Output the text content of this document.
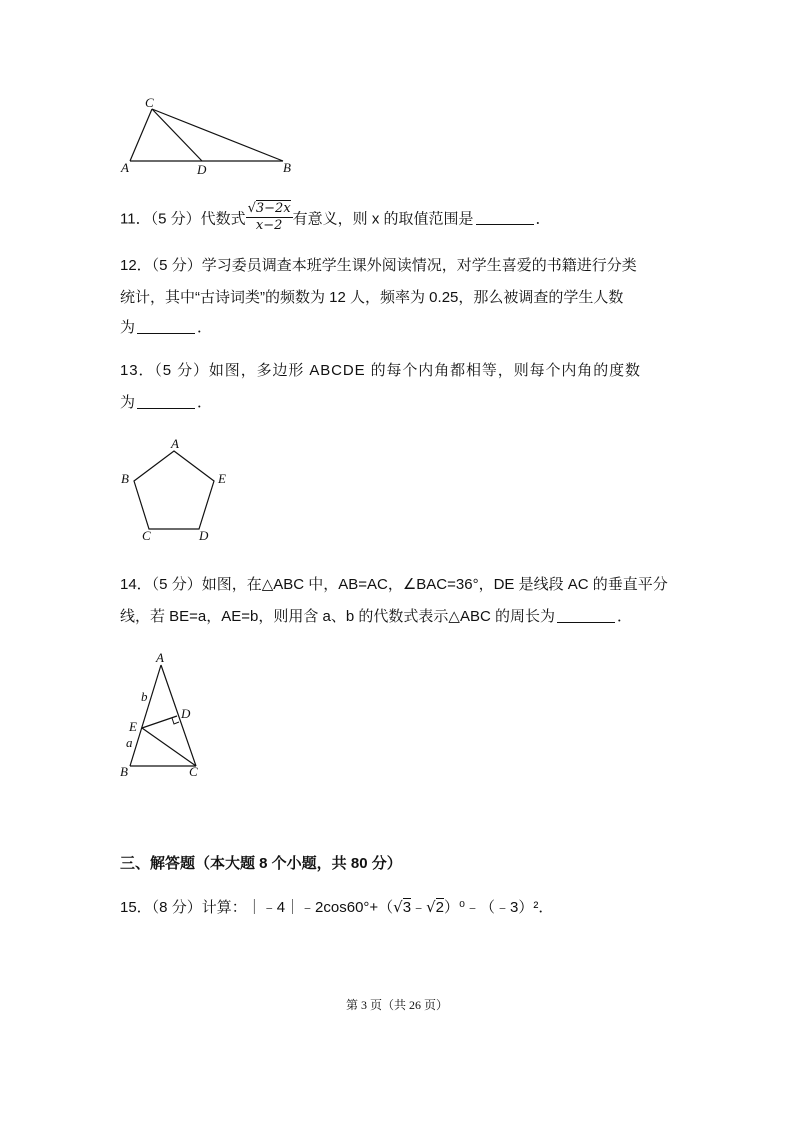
C
A	D	B
11．（5 分）代数式 $\frac{√3-2x}{x-2}$ 有意义，则 x 的取值范围是	．
12．（5 分）学习委员调查本班学生课外阅读情况，对学生喜爱的书籍进行分类
统计，其中“古诗词类”的频数为 12 人，频率为 0.25，那么被调查的学生人数
为	．
13．（5 分）如图，多边形 ABCDE 的每个内角都相等，则每个内角的度数
为	．
A
B	E
C	D
14．（5 分）如图，在△ABC 中，AB=AC，∠BAC=36°，DE 是线段 AC 的垂直平分
线，若 BE=a，AE=b，则用含 a、b 的代数式表示△ABC 的周长为	．
A
b
D
E
a
B	C
三、解答题（本大题 8 个小题，共 80 分）
15．（8 分）计算：｜﹣4｜﹣2cos60°+（√3﹣√2）⁰﹣（﹣3）²．
第 3 页（共 26 页）
